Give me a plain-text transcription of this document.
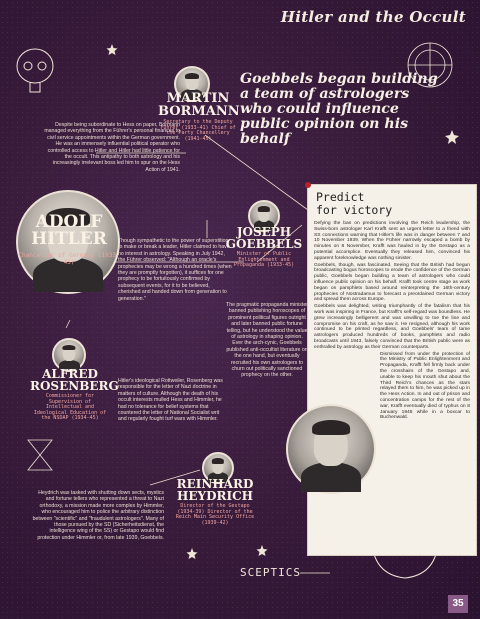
Hitler and the Occult
Goebbels began building a team of astrologers who could influence public opinion on his behalf
MARTIN
BORMANN
Secretary to the Deputy Führer (1933-41) Chief of the Party Chancellery (1941-45)
Despite being subordinate to Hess on paper, Bormann managed everything from the Führer's personal finances to civil service appointments within the German government. He was an immensely influential political operator who controlled access to Hitler and Hitler had little patience for the occult. This antipathy to both astrology and his increasingly irrelevant boss led him to spur on the Hess Action of 1941.
ADOLF
HITLER
Chancellor of Germany (1933-45)
Though sympathetic to the power of superstition to make or break a leader, Hitler claimed to have no interest in astrology. Speaking in July 1942, the Führer observed: "Although an oracle's prophecies may be wrong a hundred times (when they are promptly forgotten), it suffices for one prophecy to be fortuitously confirmed by subsequent events, for it to be believed, cherished and handed down from generation to generation."
JOSEPH
GOEBBELS
Minister of Public Enlightenment and Propaganda (1933-45)
The pragmatic propaganda minister banned publishing horoscopes of prominent political figures outright and later banned public fortune telling, but he understood the value of astrology in shaping opinion. Ever the arch-cynic, Goebbels published anti-occultist literature on the one hand, but eventually recruited his own astrologers to churn out politically sanctioned prophecy on the other.
ALFRED
ROSENBERG
Commissioner for Supervision of Intellectual and Ideological Education of the NSDAP (1934-45)
Hitler's ideological Rottweiler, Rosenberg was responsible for the letter of Nazi doctrine in matters of culture. Although the death of his occult interests mulled Hess and Himmler, he had no tolerance for belief systems that countered the letter of National Socialist writ and regularly fought turf wars with Himmler.
REINHARD
HEYDRICH
Director of the Gestapo (1934-39) Director of the Reich Main Security Office (1939-42)
Heydrich was tasked with shutting down sects, mystics and fortune tellers who represented a threat to Nazi orthodoxy, a mission made more complex by Himmler, who encouraged him to police the arbitrary distinction between "scientific" and "fraudulent astrologers". Many of those pursued by the SD (Sicherheitsdienst, the intelligence wing of the SS) or Gestapo would find protection under Himmler or, from late 1939, Goebbels.
Predict
for victory

Defying the ban on predictions involving the Reich leadership, the Swiss-born astrologer Karl Krafft sent an urgent letter to a friend with SS connections warning that Hitler's life was in danger between 7 and 10 November 1939. When the Führer narrowly escaped a bomb by minutes on 8 November, Krafft was hauled in by the Gestapo as a potential accomplice. Eventually they released him, convinced his apparent foreknowledge was nothing sinister.

Goebbels, though, was fascinated. Seeing that the British had begun broadcasting bogus horoscopes to erode the confidence of the German public, Goebbels began building a team of astrologers who could influence public opinion on his behalf. Krafft took centre stage as work began on pamphlets based around reinterpreting the 16th-century prophecies of Nostradamus to forecast a preordained German victory and spread them across Europe.

Goebbels was delighted, writing triumphantly of the fatalism that his work was inspiring in France, but Krafft's self-regard was boundless. He grew increasingly belligerent and was unwilling to toe the line and compromise on his craft, as he saw it. He resigned, although his work continued to be printed regardless, and Goebbels' team of tame astrologers produced hundreds of books, pamphlets and radio broadcasts until 1943, falsely convinced that the British public were as enthralled by astrology as their German counterparts.

Dismissed from under the protection of the Ministry of Public Enlightenment and Propaganda, Krafft fell firmly back under the crosshairs of the Gestapo and, unable to keep his mouth shut about the Third Reich's chances as the stars relayed them to him, he was picked up in the Hess Action. In and out of prison and concentration camps for the rest of the war, Krafft eventually died of typhus on 8 January 1945 while in a boxcar to Buchenwald.

SCEPTICS
35
